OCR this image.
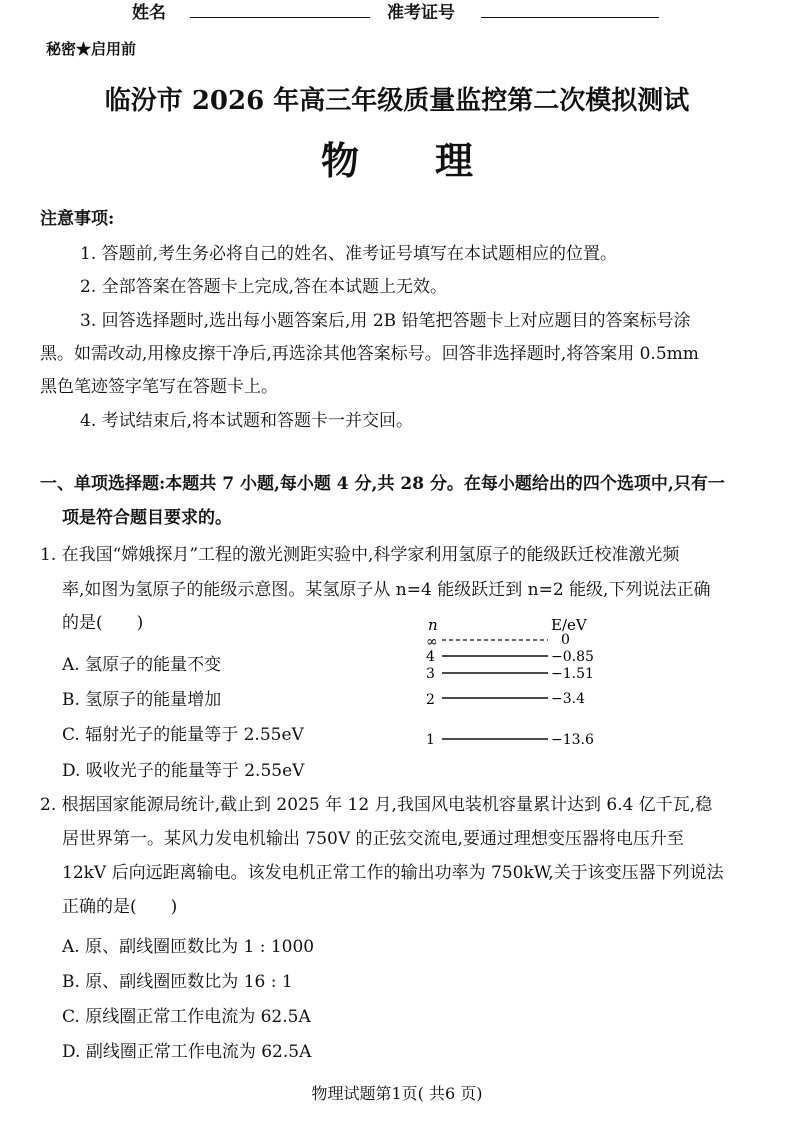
姓名	准考证号
秘密★启用前
临汾市 2026 年高三年级质量监控第二次模拟测试
物　　理
注意事项:
1. 答题前,考生务必将自己的姓名、准考证号填写在本试题相应的位置。
2. 全部答案在答题卡上完成,答在本试题上无效。
3. 回答选择题时,选出每小题答案后,用 2B 铅笔把答题卡上对应题目的答案标号涂
黑。如需改动,用橡皮擦干净后,再选涂其他答案标号。回答非选择题时,将答案用 0.5mm
黑色笔迹签字笔写在答题卡上。
4. 考试结束后,将本试题和答题卡一并交回。
一、单项选择题:本题共 7 小题,每小题 4 分,共 28 分。在每小题给出的四个选项中,只有一
项是符合题目要求的。
1. 在我国“嫦娥探月”工程的激光测距实验中,科学家利用氢原子的能级跃迁校准激光频
率,如图为氢原子的能级示意图。某氢原子从 n=4 能级跃迁到 n=2 能级,下列说法正确
的是(　　)
A. 氢原子的能量不变
B. 氢原子的能量增加
C. 辐射光子的能量等于 2.55eV
D. 吸收光子的能量等于 2.55eV
n	E/eV
∞	0
4	−0.85
3	−1.51
2	−3.4
1	−13.6
2. 根据国家能源局统计,截止到 2025 年 12 月,我国风电装机容量累计达到 6.4 亿千瓦,稳
居世界第一。某风力发电机输出 750V 的正弦交流电,要通过理想变压器将电压升至
12kV 后向远距离输电。该发电机正常工作的输出功率为 750kW,关于该变压器下列说法
正确的是(　　)
A. 原、副线圈匝数比为 1 : 1000
B. 原、副线圈匝数比为 16 : 1
C. 原线圈正常工作电流为 62.5A
D. 副线圈正常工作电流为 62.5A
物理试题第1页( 共6 页)
